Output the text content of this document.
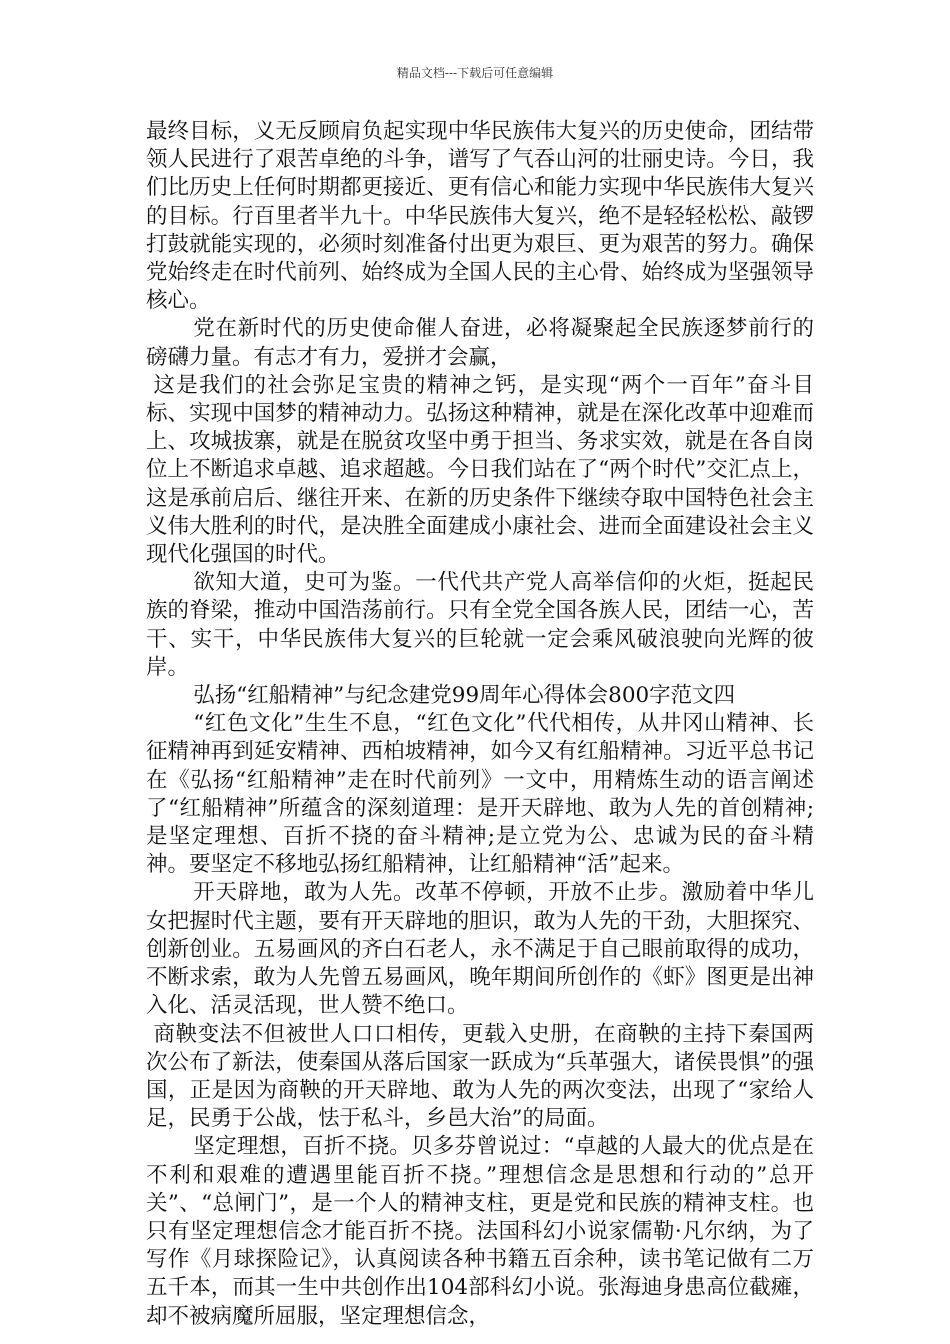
精品文档---下载后可任意编辑

最终目标，义无反顾肩负起实现中华民族伟大复兴的历史使命，团结带领人民进行了艰苦卓绝的斗争，谱写了气吞山河的壮丽史诗。今日，我们比历史上任何时期都更接近、更有信心和能力实现中华民族伟大复兴的目标。行百里者半九十。中华民族伟大复兴，绝不是轻轻松松、敲锣打鼓就能实现的，必须时刻准备付出更为艰巨、更为艰苦的努力。确保党始终走在时代前列、始终成为全国人民的主心骨、始终成为坚强领导核心。

党在新时代的历史使命催人奋进，必将凝聚起全民族逐梦前行的磅礴力量。有志才有力，爱拼才会赢，

这是我们的社会弥足宝贵的精神之钙，是实现“两个一百年”奋斗目标、实现中国梦的精神动力。弘扬这种精神，就是在深化改革中迎难而上、攻城拔寨，就是在脱贫攻坚中勇于担当、务求实效，就是在各自岗位上不断追求卓越、追求超越。今日我们站在了“两个时代”交汇点上，这是承前启后、继往开来、在新的历史条件下继续夺取中国特色社会主义伟大胜利的时代，是决胜全面建成小康社会、进而全面建设社会主义现代化强国的时代。

欲知大道，史可为鉴。一代代共产党人高举信仰的火炬，挺起民族的脊梁，推动中国浩荡前行。只有全党全国各族人民，团结一心，苦干、实干，中华民族伟大复兴的巨轮就一定会乘风破浪驶向光辉的彼岸。

弘扬“红船精神”与纪念建党99周年心得体会800字范文四

“红色文化”生生不息，“红色文化”代代相传，从井冈山精神、长征精神再到延安精神、西柏坡精神，如今又有红船精神。习近平总书记在《弘扬“红船精神”走在时代前列》一文中，用精炼生动的语言阐述了“红船精神”所蕴含的深刻道理：是开天辟地、敢为人先的首创精神;是坚定理想、百折不挠的奋斗精神;是立党为公、忠诚为民的奋斗精神。要坚定不移地弘扬红船精神，让红船精神“活”起来。

开天辟地，敢为人先。改革不停顿，开放不止步。激励着中华儿女把握时代主题，要有开天辟地的胆识，敢为人先的干劲，大胆探究、创新创业。五易画风的齐白石老人，永不满足于自己眼前取得的成功，不断求索，敢为人先曾五易画风，晚年期间所创作的《虾》图更是出神入化、活灵活现，世人赞不绝口。

商鞅变法不但被世人口口相传，更载入史册，在商鞅的主持下秦国两次公布了新法，使秦国从落后国家一跃成为“兵革强大，诸侯畏惧”的强国，正是因为商鞅的开天辟地、敢为人先的两次变法，出现了“家给人足，民勇于公战，怯于私斗，乡邑大治”的局面。

坚定理想，百折不挠。贝多芬曾说过：“卓越的人最大的优点是在不利和艰难的遭遇里能百折不挠。”理想信念是思想和行动的”总开关”、“总闸门”，是一个人的精神支柱，更是党和民族的精神支柱。也只有坚定理想信念才能百折不挠。法国科幻小说家儒勒·凡尔纳，为了写作《月球探险记》，认真阅读各种书籍五百余种，读书笔记做有二万五千本，而其一生中共创作出104部科幻小说。张海迪身患高位截瘫，却不被病魔所屈服，坚定理想信念，
